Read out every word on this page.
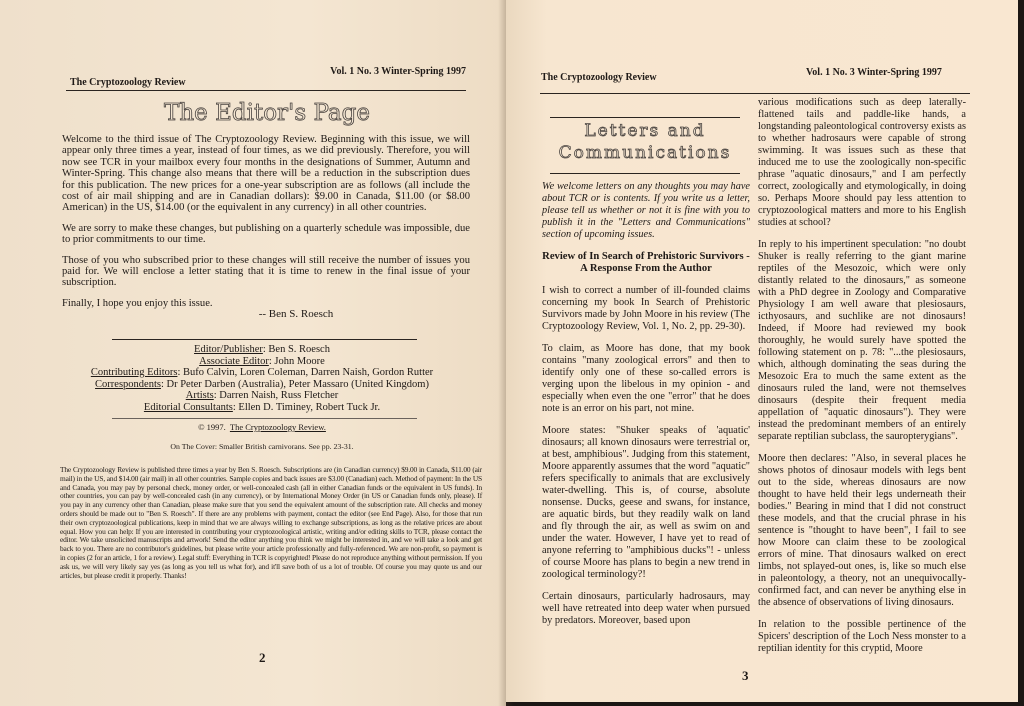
The Cryptozoology Review
Vol. 1 No. 3 Winter-Spring 1997
The Editor's Page

Welcome to the third issue of The Cryptozoology Review. Beginning with this issue, we will appear only three times a year, instead of four times, as we did previously. Therefore, you will now see TCR in your mailbox every four months in the designations of Summer, Autumn and Winter-Spring. This change also means that there will be a reduction in the subscription dues for this publication. The new prices for a one-year subscription are as follows (all include the cost of air mail shipping and are in Canadian dollars): $9.00 in Canada, $11.00 (or $8.00 American) in the US, $14.00 (or the equivalent in any currency) in all other countries.

We are sorry to make these changes, but publishing on a quarterly schedule was impossible, due to prior commitments to our time.

Those of you who subscribed prior to these changes will still receive the number of issues you paid for. We will enclose a letter stating that it is time to renew in the final issue of your subscription.

Finally, I hope you enjoy this issue.

-- Ben S. Roesch
Editor/Publisher: Ben S. Roesch
Associate Editor: John Moore
Contributing Editors: Bufo Calvin, Loren Coleman, Darren Naish, Gordon Rutter
Correspondents: Dr Peter Darben (Australia), Peter Massaro (United Kingdom)
Artists: Darren Naish, Russ Fletcher
Editorial Consultants: Ellen D. Timiney, Robert Tuck Jr.
© 1997. The Cryptozoology Review.
On The Cover: Smaller British carnivorans. See pp. 23-31.
The Cryptozoology Review is published three times a year by Ben S. Roesch. Subscriptions are (in Canadian currency) $9.00 in Canada, $11.00 (air mail) in the US, and $14.00 (air mail) in all other countries. Sample copies and back issues are $3.00 (Canadian) each. Method of payment: In the US and Canada, you may pay by personal check, money order, or well-concealed cash (all in either Canadian funds or the equivalent in US funds). In other countries, you can pay by well-concealed cash (in any currency), or by International Money Order (in US or Canadian funds only, please). If you pay in any currency other than Canadian, please make sure that you send the equivalent amount of the subscription rate. All checks and money orders should be made out to "Ben S. Roesch". If there are any problems with payment, contact the editor (see End Page). Also, for those that run their own cryptozoological publications, keep in mind that we are always willing to exchange subscriptions, as long as the relative prices are about equal. How you can help: If you are interested in contributing your cryptozoological artistic, writing and/or editing skills to TCR, please contact the editor. We take unsolicited manuscripts and artwork! Send the editor anything you think we might be interested in, and we will take a look and get back to you. There are no contributor's guidelines, but please write your article professionally and fully-referenced. We are non-profit, so payment is in copies (2 for an article, 1 for a review). Legal stuff: Everything in TCR is copyrighted! Please do not reproduce anything without permission. If you ask us, we will very likely say yes (as long as you tell us what for), and it'll save both of us a lot of trouble. Of course you may quote us and our articles, but please credit it properly. Thanks!
2
The Cryptozoology Review	Vol. 1 No. 3 Winter-Spring 1997
Letters and
Communications

We welcome letters on any thoughts you may have about TCR or is contents. If you write us a letter, please tell us whether or not it is fine with you to publish it in the "Letters and Communications" section of upcoming issues.

Review of In Search of Prehistoric Survivors - A Response From the Author

I wish to correct a number of ill-founded claims concerning my book In Search of Prehistoric Survivors made by John Moore in his review (The Cryptozoology Review, Vol. 1, No. 2, pp. 29-30).

To claim, as Moore has done, that my book contains "many zoological errors" and then to identify only one of these so-called errors is verging upon the libelous in my opinion - and especially when even the one "error" that he does note is an error on his part, not mine.

Moore states: "Shuker speaks of 'aquatic' dinosaurs; all known dinosaurs were terrestrial or, at best, amphibious". Judging from this statement, Moore apparently assumes that the word "aquatic" refers specifically to animals that are exclusively water-dwelling. This is, of course, absolute nonsense. Ducks, geese and swans, for instance, are aquatic birds, but they readily walk on land and fly through the air, as well as swim on and under the water. However, I have yet to read of anyone referring to "amphibious ducks"! - unless of course Moore has plans to begin a new trend in zoological terminology?!

Certain dinosaurs, particularly hadrosaurs, may well have retreated into deep water when pursued by predators. Moreover, based upon

various modifications such as deep laterally-flattened tails and paddle-like hands, a longstanding paleontological controversy exists as to whether hadrosaurs were capable of strong swimming. It was issues such as these that induced me to use the zoologically non-specific phrase "aquatic dinosaurs," and I am perfectly correct, zoologically and etymologically, in doing so. Perhaps Moore should pay less attention to cryptozoological matters and more to his English studies at school?

In reply to his impertinent speculation: "no doubt Shuker is really referring to the giant marine reptiles of the Mesozoic, which were only distantly related to the dinosaurs," as someone with a PhD degree in Zoology and Comparative Physiology I am well aware that plesiosaurs, icthyosaurs, and suchlike are not dinosaurs! Indeed, if Moore had reviewed my book thoroughly, he would surely have spotted the following statement on p. 78: "...the plesiosaurs, which, although dominating the seas during the Mesozoic Era to much the same extent as the dinosaurs ruled the land, were not themselves dinosaurs (despite their frequent media appellation of "aquatic dinosaurs"). They were instead the predominant members of an entirely separate reptilian subclass, the sauropterygians".

Moore then declares: "Also, in several places he shows photos of dinosaur models with legs bent out to the side, whereas dinosaurs are now thought to have held their legs underneath their bodies." Bearing in mind that I did not construct these models, and that the crucial phrase in his sentence is "thought to have been", I fail to see how Moore can claim these to be zoological errors of mine. That dinosaurs walked on erect limbs, not splayed-out ones, is, like so much else in paleontology, a theory, not an unequivocally-confirmed fact, and can never be anything else in the absence of observations of living dinosaurs.

In relation to the possible pertinence of the Spicers' description of the Loch Ness monster to a reptilian identity for this cryptid, Moore

3
